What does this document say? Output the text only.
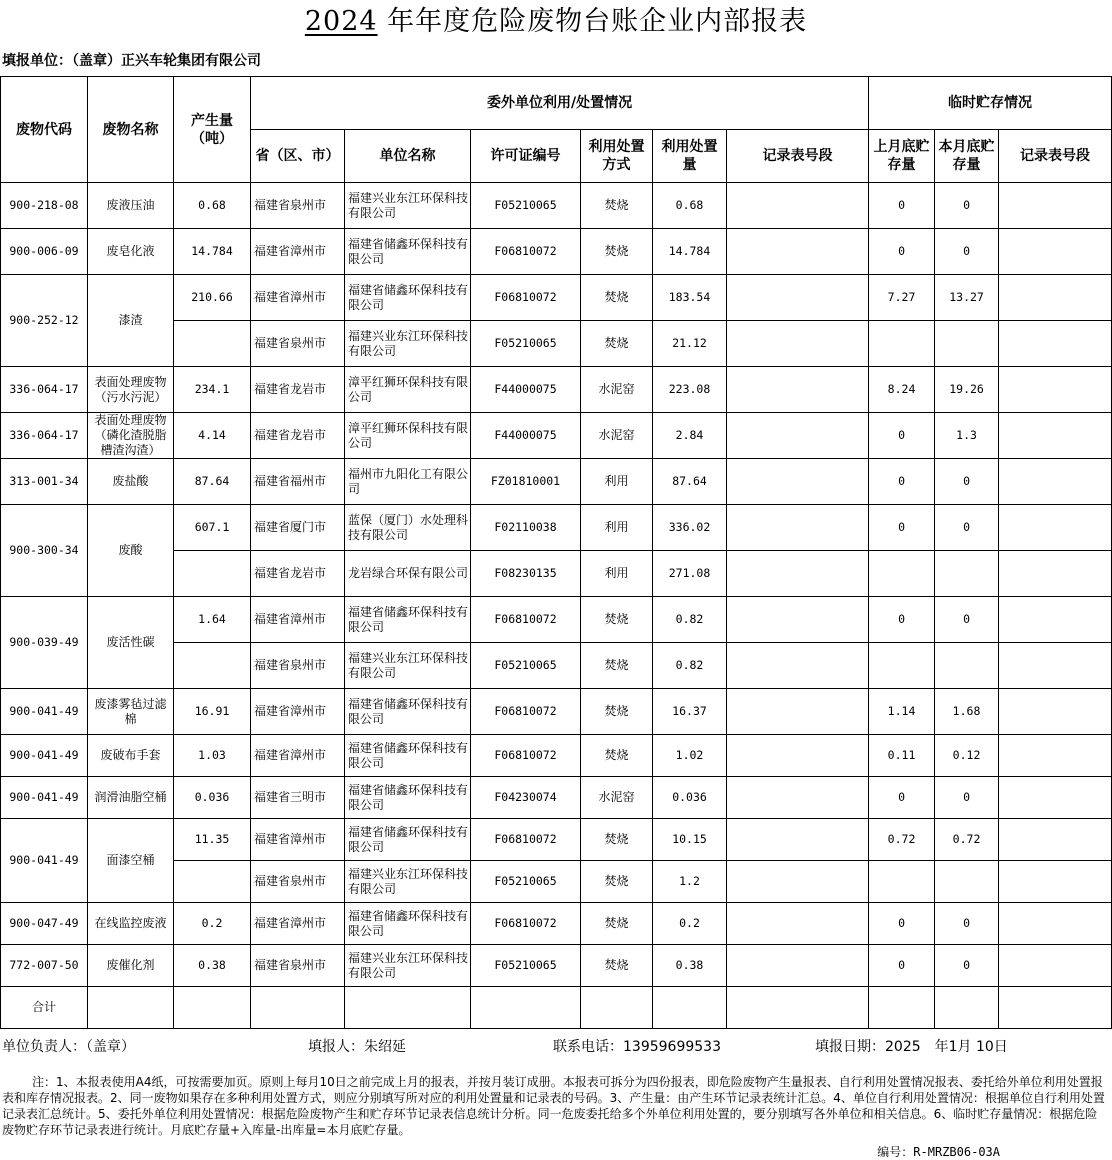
2024 年年度危险废物台账企业内部报表
填报单位：（盖章）正兴车轮集团有限公司
废物代码	废物名称	产生量（吨）	委外单位利用/处置情况						临时贮存情况		
			省（区、市）	单位名称	许可证编号	利用处置方式	利用处置量	记录表号段	上月底贮存量	本月底贮存量	记录表号段
900-218-08	废液压油	0.68	福建省泉州市	福建兴业东江环保科技有限公司	F05210065	焚烧	0.68		0	0	
900-006-09	废皂化液	14.784	福建省漳州市	福建省储鑫环保科技有限公司	F06810072	焚烧	14.784		0	0	
900-252-12	漆渣	210.66	福建省漳州市	福建省储鑫环保科技有限公司	F06810072	焚烧	183.54		7.27	13.27	
			福建省泉州市	福建兴业东江环保科技有限公司	F05210065	焚烧	21.12				
336-064-17	表面处理废物（污水污泥）	234.1	福建省龙岩市	漳平红狮环保科技有限公司	F44000075	水泥窑	223.08		8.24	19.26	
336-064-17	表面处理废物（磷化渣脱脂槽渣沟渣）	4.14	福建省龙岩市	漳平红狮环保科技有限公司	F44000075	水泥窑	2.84		0	1.3	
313-001-34	废盐酸	87.64	福建省福州市	福州市九阳化工有限公司	FZ01810001	利用	87.64		0	0	
900-300-34	废酸	607.1	福建省厦门市	蓝保（厦门）水处理科技有限公司	F02110038	利用	336.02		0	0	
			福建省龙岩市	龙岩绿合环保有限公司	F08230135	利用	271.08				
900-039-49	废活性碳	1.64	福建省漳州市	福建省储鑫环保科技有限公司	F06810072	焚烧	0.82		0	0	
			福建省泉州市	福建兴业东江环保科技有限公司	F05210065	焚烧	0.82				
900-041-49	废漆雾毡过滤棉	16.91	福建省漳州市	福建省储鑫环保科技有限公司	F06810072	焚烧	16.37		1.14	1.68	
900-041-49	废破布手套	1.03	福建省漳州市	福建省储鑫环保科技有限公司	F06810072	焚烧	1.02		0.11	0.12	
900-041-49	润滑油脂空桶	0.036	福建省三明市	福建省储鑫环保科技有限公司	F04230074	水泥窑	0.036		0	0	
900-041-49	面漆空桶	11.35	福建省漳州市	福建省储鑫环保科技有限公司	F06810072	焚烧	10.15		0.72	0.72	
			福建省泉州市	福建兴业东江环保科技有限公司	F05210065	焚烧	1.2				
900-047-49	在线监控废液	0.2	福建省漳州市	福建省储鑫环保科技有限公司	F06810072	焚烧	0.2		0	0	
772-007-50	废催化剂	0.38	福建省泉州市	福建兴业东江环保科技有限公司	F05210065	焚烧	0.38		0	0	
合计											
单位负责人：（盖章）	填报人：朱绍延	联系电话：13959699533	填报日期：2025　年1月 10日
注：1、本报表使用A4纸，可按需要加页。原则上每月10日之前完成上月的报表，并按月装订成册。本报表可拆分为四份报表，即危险废物产生量报表、自行利用处置情况报表、委托给外单位利用处置报表和库存情况报表。2、同一废物如果存在多种利用处置方式，则应分别填写所对应的利用处置量和记录表的号码。3、产生量：由产生环节记录表统计汇总。4、单位自行利用处置情况：根据单位自行利用处置记录表汇总统计。5、委托外单位利用处置情况：根据危险废物产生和贮存环节记录表信息统计分析。同一危废委托给多个外单位利用处置的，要分别填写各外单位和相关信息。6、临时贮存量情况：根据危险废物贮存环节记录表进行统计。月底贮存量+入库量-出库量=本月底贮存量。
编号：R-MRZB06-03A
